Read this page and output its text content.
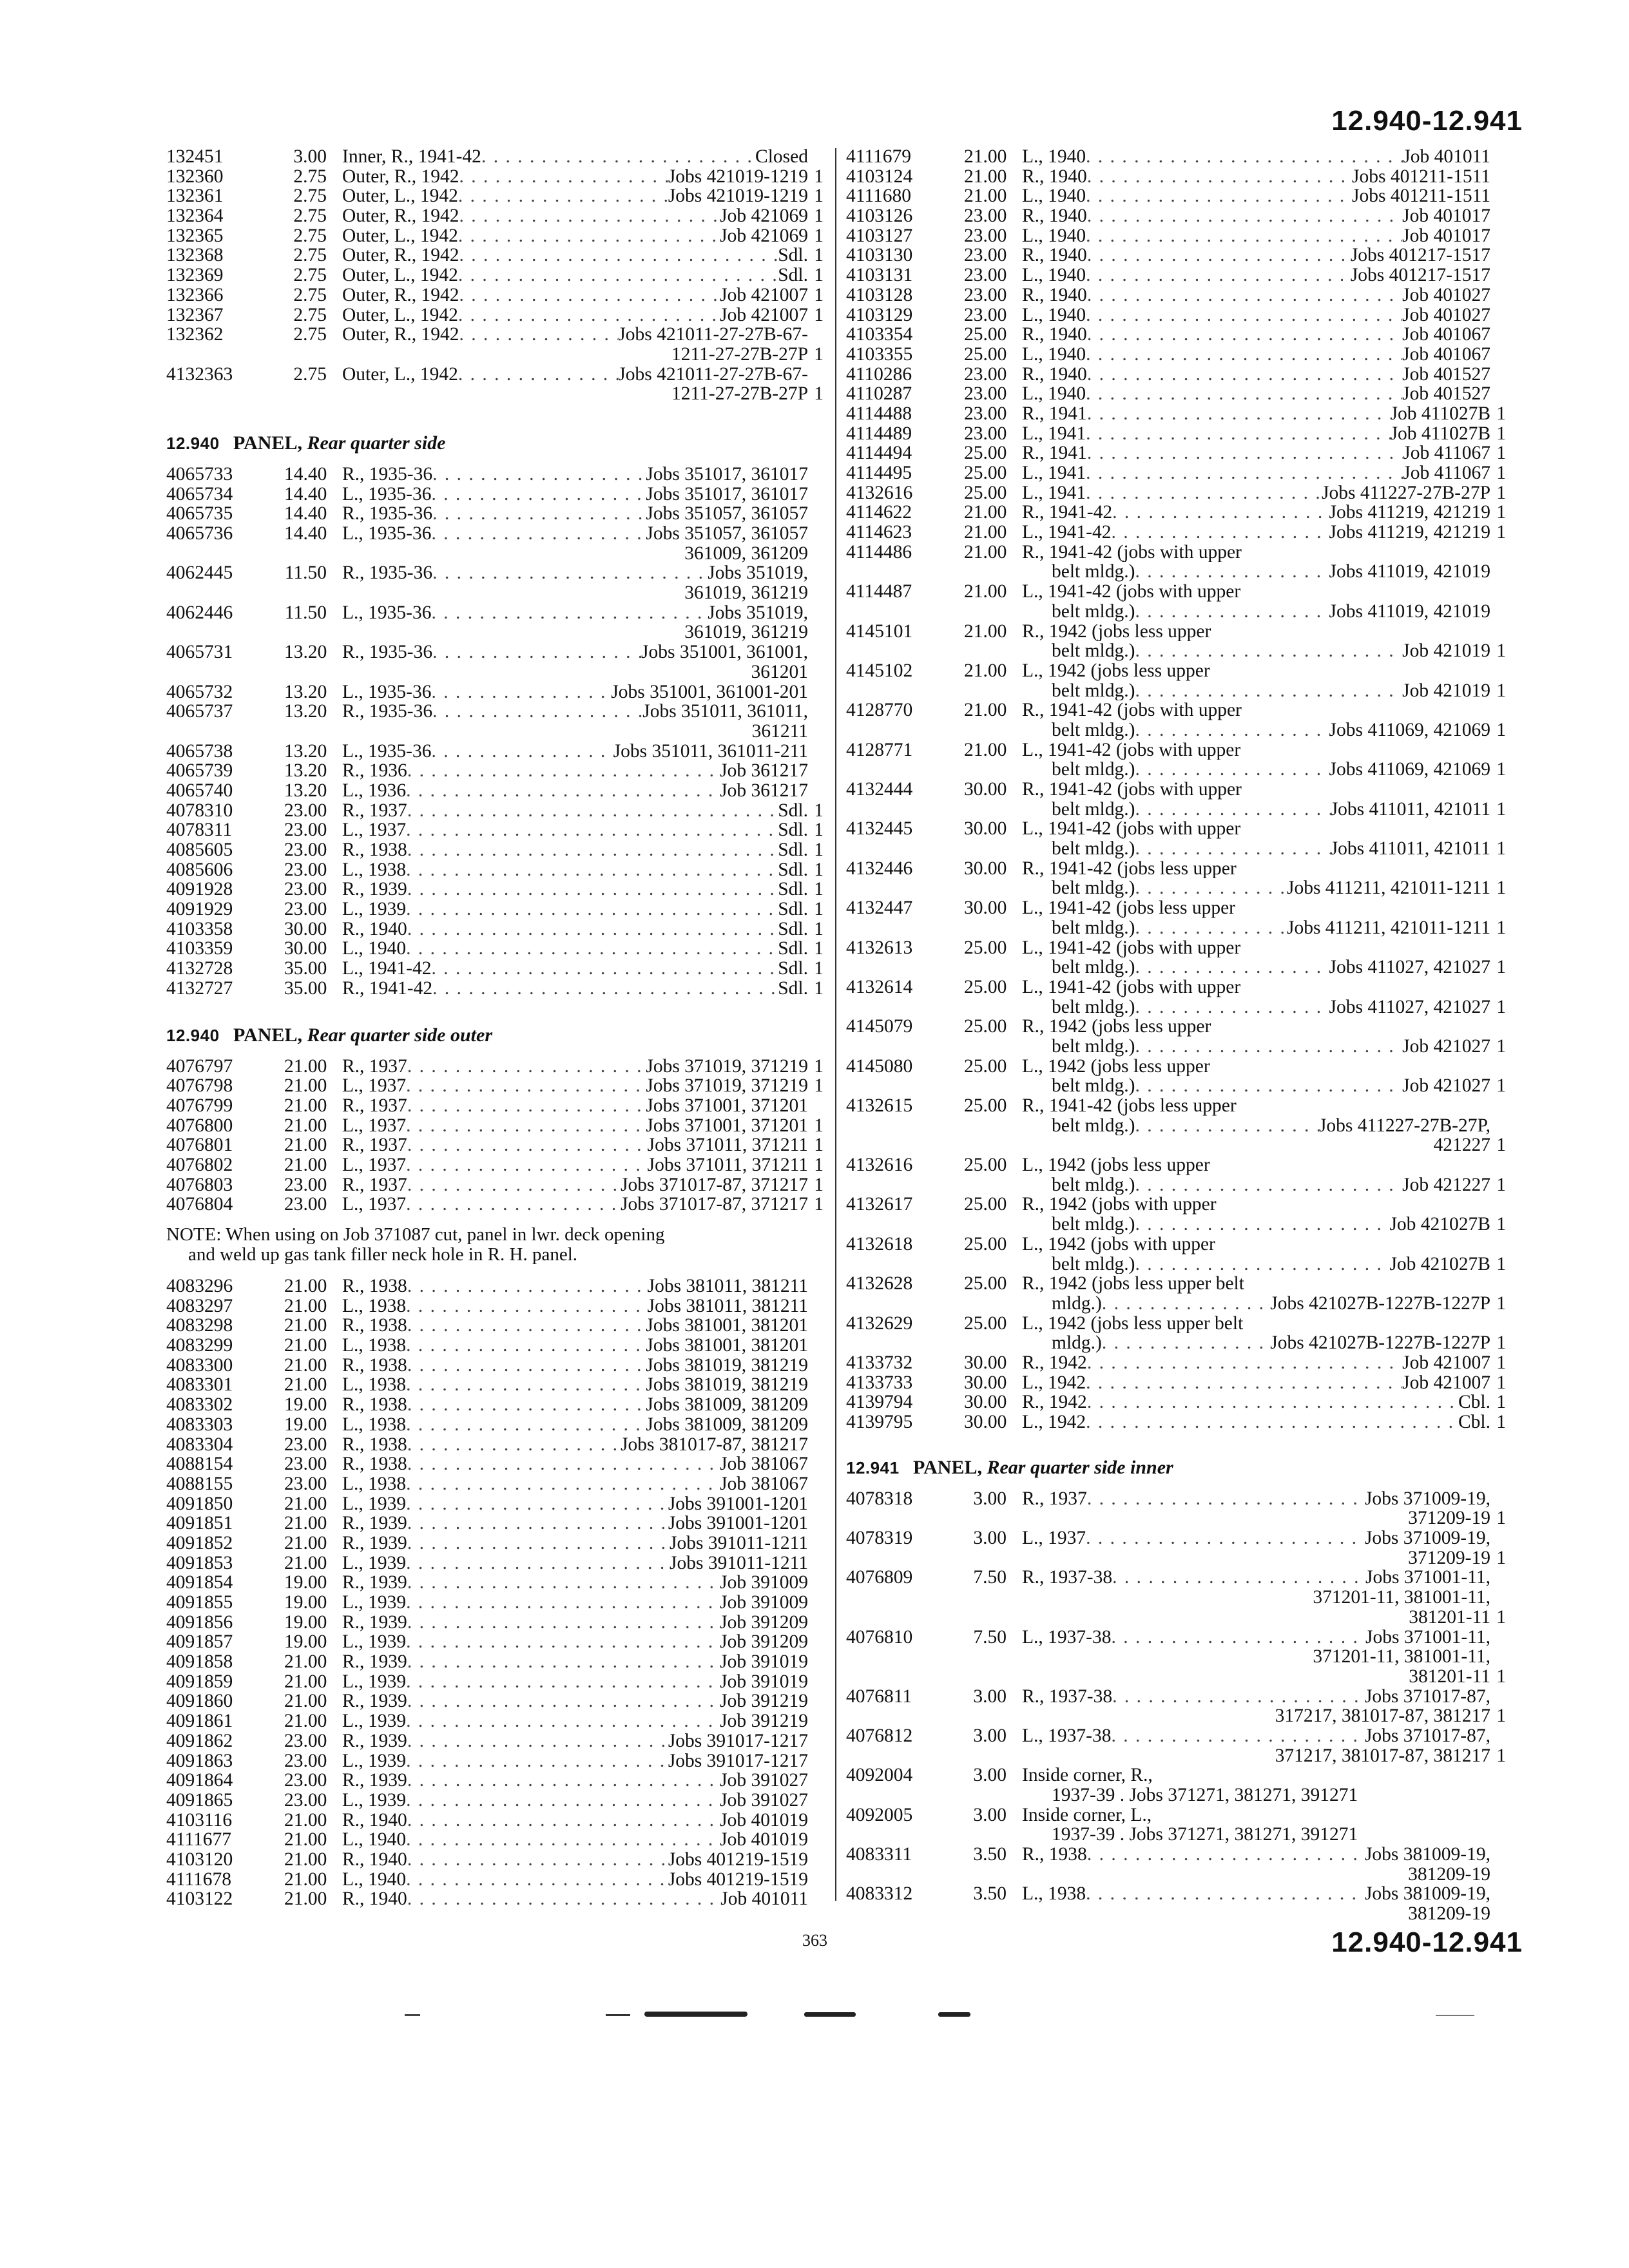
12.940-12.941
132451	3.00 Inner, R., 1941-42 . . .	Closed
132360	2.75 Outer, R., 1942 . . .	Jobs 421019-1219 1
132361	2.75 Outer, L., 1942 . . .	Jobs 421019-1219 1
132364	2.75 Outer, R., 1942 . . .	Job 421069 1
132365	2.75 Outer, L., 1942 . . .	Job 421069 1
132368	2.75 Outer, R., 1942 . . .	Sdl. 1
132369	2.75 Outer, L., 1942 . . .	Sdl. 1
132366	2.75 Outer, R., 1942 . . .	Job 421007 1
132367	2.75 Outer, L., 1942 . . .	Job 421007 1
132362	2.75 Outer, R., 1942 . . .	Jobs 421011-27-27B-67-
1211-27-27B-27P 1
4132363	2.75 Outer, L., 1942 . . .	Jobs 421011-27-27B-67-
1211-27-27B-27P 1
12.940 PANEL, Rear quarter side
4065733	14.40 R., 1935-36 . . .	Jobs 351017, 361017
4065734	14.40 L., 1935-36 . . .	Jobs 351017, 361017
4065735	14.40 R., 1935-36 . . .	Jobs 351057, 361057
4065736	14.40 L., 1935-36 . . .	Jobs 351057, 361057
361009, 361209
4062445	11.50 R., 1935-36 . . .	Jobs 351019,
361019, 361219
4062446	11.50 L., 1935-36 . . .	Jobs 351019,
361019, 361219
4065731	13.20 R., 1935-36 . . .	Jobs 351001, 361001,
361201
4065732	13.20 L., 1935-36 . . .	Jobs 351001, 361001-201
4065737	13.20 R., 1935-36 . . .	Jobs 351011, 361011,
361211
4065738	13.20 L., 1935-36 . . .	Jobs 351011, 361011-211
4065739	13.20 R., 1936 . . .	Job 361217
4065740	13.20 L., 1936 . . .	Job 361217
4078310	23.00 R., 1937 . . .	Sdl. 1
4078311	23.00 L., 1937 . . .	Sdl. 1
4085605	23.00 R., 1938 . . .	Sdl. 1
4085606	23.00 L., 1938 . . .	Sdl. 1
4091928	23.00 R., 1939 . . .	Sdl. 1
4091929	23.00 L., 1939 . . .	Sdl. 1
4103358	30.00 R., 1940 . . .	Sdl. 1
4103359	30.00 L., 1940 . . .	Sdl. 1
4132728	35.00 L., 1941-42 . . .	Sdl. 1
4132727	35.00 R., 1941-42 . . .	Sdl. 1
12.940 PANEL, Rear quarter side outer
4076797	21.00 R., 1937 . . .	Jobs 371019, 371219 1
4076798	21.00 L., 1937 . . .	Jobs 371019, 371219 1
4076799	21.00 R., 1937 . . .	Jobs 371001, 371201
4076800	21.00 L., 1937 . . .	Jobs 371001, 371201 1
4076801	21.00 R., 1937 . . .	Jobs 371011, 371211 1
4076802	21.00 L., 1937 . . .	Jobs 371011, 371211 1
4076803	23.00 R., 1937 . . .	Jobs 371017-87, 371217 1
4076804	23.00 L., 1937 . . .	Jobs 371017-87, 371217 1
NOTE: When using on Job 371087 cut, panel in lwr. deck opening
and weld up gas tank filler neck hole in R. H. panel.
4083296	21.00 R., 1938 . . .	Jobs 381011, 381211
4083297	21.00 L., 1938 . . .	Jobs 381011, 381211
4083298	21.00 R., 1938 . . .	Jobs 381001, 381201
4083299	21.00 L., 1938 . . .	Jobs 381001, 381201
4083300	21.00 R., 1938 . . .	Jobs 381019, 381219
4083301	21.00 L., 1938 . . .	Jobs 381019, 381219
4083302	19.00 R., 1938 . . .	Jobs 381009, 381209
4083303	19.00 L., 1938 . . .	Jobs 381009, 381209
4083304	23.00 R., 1938 . . .	Jobs 381017-87, 381217
4088154	23.00 R., 1938 . . .	Job 381067
4088155	23.00 L., 1938 . . .	Job 381067
4091850	21.00 L., 1939 . . .	Jobs 391001-1201
4091851	21.00 R., 1939 . . .	Jobs 391001-1201
4091852	21.00 R., 1939 . . .	Jobs 391011-1211
4091853	21.00 L., 1939 . . .	Jobs 391011-1211
4091854	19.00 R., 1939 . . .	Job 391009
4091855	19.00 L., 1939 . . .	Job 391009
4091856	19.00 R., 1939 . . .	Job 391209
4091857	19.00 L., 1939 . . .	Job 391209
4091858	21.00 R., 1939 . . .	Job 391019
4091859	21.00 L., 1939 . . .	Job 391019
4091860	21.00 R., 1939 . . .	Job 391219
4091861	21.00 L., 1939 . . .	Job 391219
4091862	23.00 R., 1939 . . .	Jobs 391017-1217
4091863	23.00 L., 1939 . . .	Jobs 391017-1217
4091864	23.00 R., 1939 . . .	Job 391027
4091865	23.00 L., 1939 . . .	Job 391027
4103116	21.00 R., 1940 . . .	Job 401019
4111677	21.00 L., 1940 . . .	Job 401019
4103120	21.00 R., 1940 . . .	Jobs 401219-1519
4111678	21.00 L., 1940 . . .	Jobs 401219-1519
4103122	21.00 R., 1940 . . .	Job 401011
4111679	21.00 L., 1940 . . .	Job 401011
4103124	21.00 R., 1940 . . .	Jobs 401211-1511
4111680	21.00 L., 1940 . . .	Jobs 401211-1511
4103126	23.00 R., 1940 . . .	Job 401017
4103127	23.00 L., 1940 . . .	Job 401017
4103130	23.00 R., 1940 . . .	Jobs 401217-1517
4103131	23.00 L., 1940 . . .	Jobs 401217-1517
4103128	23.00 R., 1940 . . .	Job 401027
4103129	23.00 L., 1940 . . .	Job 401027
4103354	25.00 R., 1940 . . .	Job 401067
4103355	25.00 L., 1940 . . .	Job 401067
4110286	23.00 R., 1940 . . .	Job 401527
4110287	23.00 L., 1940 . . .	Job 401527
4114488	23.00 R., 1941 . . .	Job 411027B 1
4114489	23.00 L., 1941 . . .	Job 411027B 1
4114494	25.00 R., 1941 . . .	Job 411067 1
4114495	25.00 L., 1941 . . .	Job 411067 1
4132616	25.00 L., 1941 . . .	Jobs 411227-27B-27P 1
4114622	21.00 R., 1941-42 . . .	Jobs 411219, 421219 1
4114623	21.00 L., 1941-42 . . .	Jobs 411219, 421219 1
4114486	21.00 R., 1941-42 (jobs with upper
belt mldg.) . . .	Jobs 411019, 421019
4114487	21.00 L., 1941-42 (jobs with upper
belt mldg.) . . .	Jobs 411019, 421019
4145101	21.00 R., 1942 (jobs less upper
belt mldg.) . . .	Job 421019 1
4145102	21.00 L., 1942 (jobs less upper
belt mldg.) . . .	Job 421019 1
4128770	21.00 R., 1941-42 (jobs with upper
belt mldg.) . . .	Jobs 411069, 421069 1
4128771	21.00 L., 1941-42 (jobs with upper
belt mldg.) . . .	Jobs 411069, 421069 1
4132444	30.00 R., 1941-42 (jobs with upper
belt mldg.) . . .	Jobs 411011, 421011 1
4132445	30.00 L., 1941-42 (jobs with upper
belt mldg.) . . .	Jobs 411011, 421011 1
4132446	30.00 R., 1941-42 (jobs less upper
belt mldg.) . . .	Jobs 411211, 421011-1211 1
4132447	30.00 L., 1941-42 (jobs less upper
belt mldg.) . . .	Jobs 411211, 421011-1211 1
4132613	25.00 L., 1941-42 (jobs with upper
belt mldg.) . . .	Jobs 411027, 421027 1
4132614	25.00 L., 1941-42 (jobs with upper
belt mldg.) . . .	Jobs 411027, 421027 1
4145079	25.00 R., 1942 (jobs less upper
belt mldg.) . . .	Job 421027 1
4145080	25.00 L., 1942 (jobs less upper
belt mldg.) . . .	Job 421027 1
4132615	25.00 R., 1941-42 (jobs less upper
belt mldg.) . . .	Jobs 411227-27B-27P,
421227 1
4132616	25.00 L., 1942 (jobs less upper
belt mldg.) . . .	Job 421227 1
4132617	25.00 R., 1942 (jobs with upper
belt mldg.) . . .	Job 421027B 1
4132618	25.00 L., 1942 (jobs with upper
belt mldg.) . . .	Job 421027B 1
4132628	25.00 R., 1942 (jobs less upper belt
mldg.) . . .	Jobs 421027B-1227B-1227P 1
4132629	25.00 L., 1942 (jobs less upper belt
mldg.) . . .	Jobs 421027B-1227B-1227P 1
4133732	30.00 R., 1942 . . .	Job 421007 1
4133733	30.00 L., 1942 . . .	Job 421007 1
4139794	30.00 R., 1942 . . .	Cbl. 1
4139795	30.00 L., 1942 . . .	Cbl. 1
12.941 PANEL, Rear quarter side inner
4078318	3.00 R., 1937 . . .	Jobs 371009-19,
371209-19 1
4078319	3.00 L., 1937 . . .	Jobs 371009-19,
371209-19 1
4076809	7.50 R., 1937-38 . . .	Jobs 371001-11,
371201-11, 381001-11,
381201-11 1
4076810	7.50 L., 1937-38 . . .	Jobs 371001-11,
371201-11, 381001-11,
381201-11 1
4076811	3.00 R., 1937-38 . . .	Jobs 371017-87,
317217, 381017-87, 381217 1
4076812	3.00 L., 1937-38 . . .	Jobs 371017-87,
371217, 381017-87, 381217 1
4092004	3.00 Inside corner, R.,
1937-39 . Jobs 371271, 381271, 391271
4092005	3.00 Inside corner, L.,
1937-39 . Jobs 371271, 381271, 391271
4083311	3.50 R., 1938 . . .	Jobs 381009-19,
381209-19
4083312	3.50 L., 1938 . . .	Jobs 381009-19,
381209-19
363	12.940-12.941
